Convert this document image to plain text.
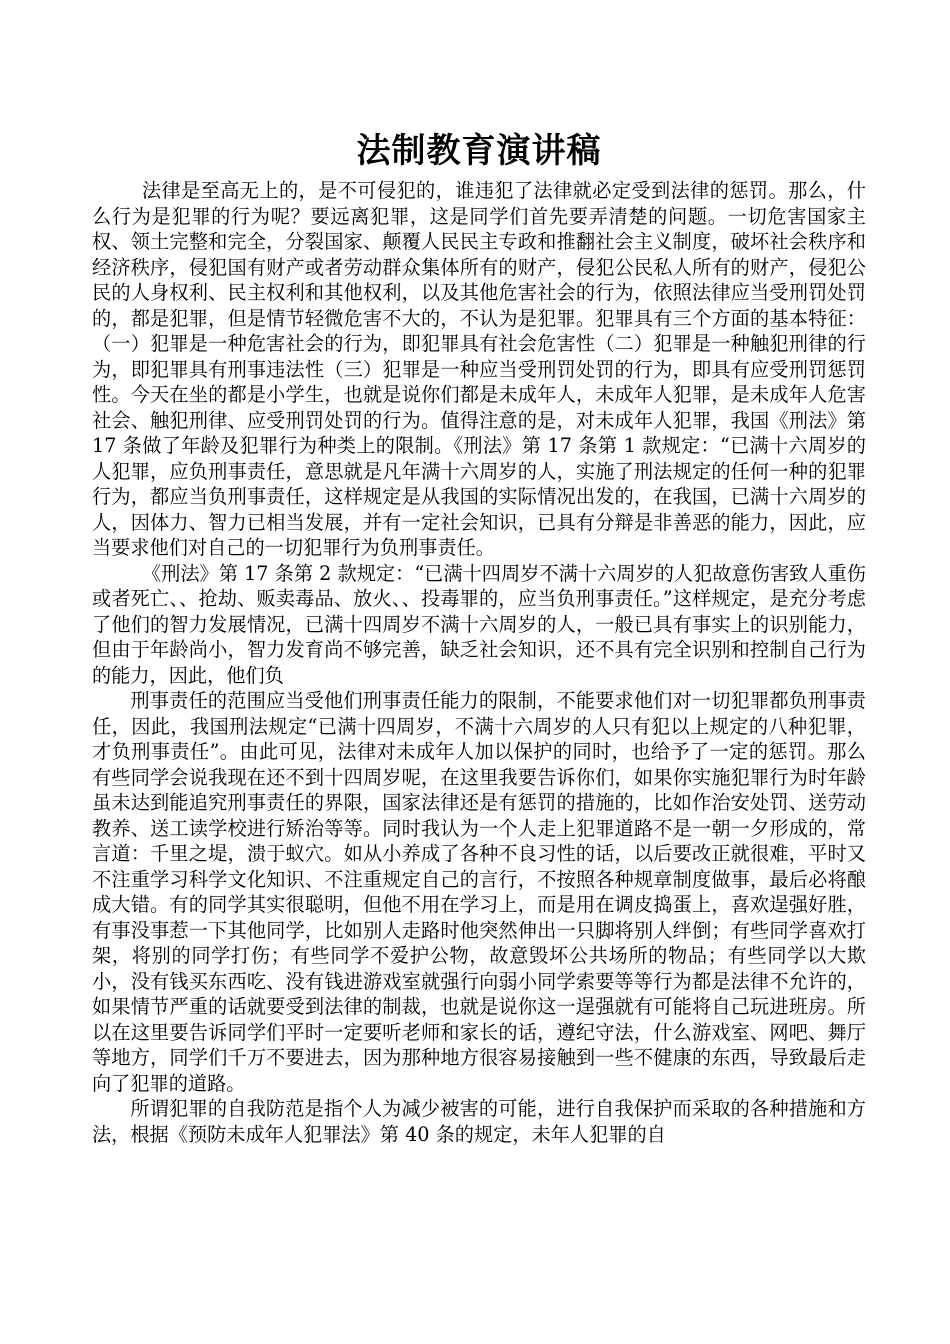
法制教育演讲稿

法律是至高无上的，是不可侵犯的，谁违犯了法律就必定受到法律的惩罚。那么，什么行为是犯罪的行为呢？要远离犯罪，这是同学们首先要弄清楚的问题。一切危害国家主权、领土完整和完全，分裂国家、颠覆人民民主专政和推翻社会主义制度，破坏社会秩序和经济秩序，侵犯国有财产或者劳动群众集体所有的财产，侵犯公民私人所有的财产，侵犯公民的人身权利、民主权利和其他权利，以及其他危害社会的行为，依照法律应当受刑罚处罚的，都是犯罪，但是情节轻微危害不大的，不认为是犯罪。犯罪具有三个方面的基本特征：（一）犯罪是一种危害社会的行为，即犯罪具有社会危害性（二）犯罪是一种触犯刑律的行为，即犯罪具有刑事违法性（三）犯罪是一种应当受刑罚处罚的行为，即具有应受刑罚惩罚性。今天在坐的都是小学生，也就是说你们都是未成年人，未成年人犯罪，是未成年人危害社会、触犯刑律、应受刑罚处罚的行为。值得注意的是，对未成年人犯罪，我国《刑法》第 17 条做了年龄及犯罪行为种类上的限制。《刑法》第 17 条第 1 款规定：“已满十六周岁的人犯罪，应负刑事责任，意思就是凡年满十六周岁的人，实施了刑法规定的任何一种的犯罪行为，都应当负刑事责任，这样规定是从我国的实际情况出发的，在我国，已满十六周岁的人，因体力、智力已相当发展，并有一定社会知识，已具有分辩是非善恶的能力，因此，应当要求他们对自己的一切犯罪行为负刑事责任。

《刑法》第 17 条第 2 款规定：“已满十四周岁不满十六周岁的人犯故意伤害致人重伤或者死亡、、抢劫、贩卖毒品、放火、、投毒罪的，应当负刑事责任。”这样规定，是充分考虑了他们的智力发展情况，已满十四周岁不满十六周岁的人，一般已具有事实上的识别能力，但由于年龄尚小，智力发育尚不够完善，缺乏社会知识，还不具有完全识别和控制自己行为的能力，因此，他们负

刑事责任的范围应当受他们刑事责任能力的限制，不能要求他们对一切犯罪都负刑事责任，因此，我国刑法规定“已满十四周岁，不满十六周岁的人只有犯以上规定的八种犯罪，才负刑事责任”。由此可见，法律对未成年人加以保护的同时，也给予了一定的惩罚。那么有些同学会说我现在还不到十四周岁呢，在这里我要告诉你们，如果你实施犯罪行为时年龄虽未达到能追究刑事责任的界限，国家法律还是有惩罚的措施的，比如作治安处罚、送劳动教养、送工读学校进行矫治等等。同时我认为一个人走上犯罪道路不是一朝一夕形成的，常言道：千里之堤，溃于蚁穴。如从小养成了各种不良习性的话，以后要改正就很难，平时又不注重学习科学文化知识、不注重规定自己的言行，不按照各种规章制度做事，最后必将酿成大错。有的同学其实很聪明，但他不用在学习上，而是用在调皮捣蛋上，喜欢逞强好胜，有事没事惹一下其他同学，比如别人走路时他突然伸出一只脚将别人绊倒；有些同学喜欢打架，将别的同学打伤；有些同学不爱护公物，故意毁坏公共场所的物品；有些同学以大欺小，没有钱买东西吃、没有钱进游戏室就强行向弱小同学索要等等行为都是法律不允许的，如果情节严重的话就要受到法律的制裁，也就是说你这一逞强就有可能将自己玩进班房。所以在这里要告诉同学们平时一定要听老师和家长的话，遵纪守法，什么游戏室、网吧、舞厅等地方，同学们千万不要进去，因为那种地方很容易接触到一些不健康的东西，导致最后走向了犯罪的道路。

所谓犯罪的自我防范是指个人为减少被害的可能，进行自我保护而采取的各种措施和方法，根据《预防未成年人犯罪法》第 40 条的规定，未年人犯罪的自
